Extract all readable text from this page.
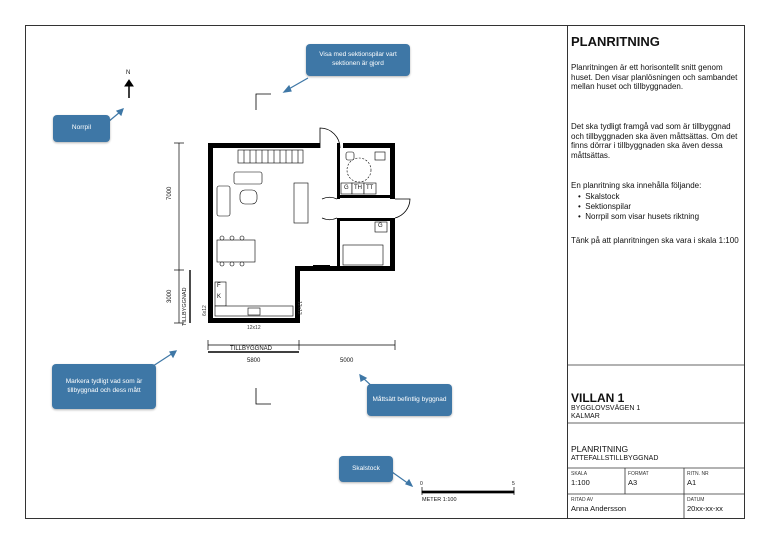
N
7000
3000 TILLBYGGNAD
TILLBYGGNAD
5800	5000
6x12
12x12
12x12
G TH TT
G
F
K
0	5
METER 1:100
Visa med sektionspilar vart sektionen är gjord
Norrpil
Markera tydligt vad som är tillbyggnad och dess mått
Måttsätt befintlig byggnad
Skalstock
PLANRITNING
Planritningen är ett horisontellt snitt genom huset. Den visar planlösningen och sambandet mellan huset och tillbyggnaden.
Det ska tydligt framgå vad som är tillbyggnad och tillbyggnaden ska även måttsättas. Om det finns dörrar i tillbyggnaden ska även dessa måttsättas.
En planritning ska innehålla följande:
•  Skalstock
•  Sektionspilar
•  Norrpil som visar husets riktning
Tänk på att planritningen ska vara i skala 1:100
VILLAN 1
BYGGLOVSVÄGEN 1
KALMAR
PLANRITNING
ATTEFALLSTILLBYGGNAD
SKALA
1:100
FORMAT
A3
RITN. NR
A1
RITAD AV
Anna Andersson
DATUM
20xx-xx-xx
